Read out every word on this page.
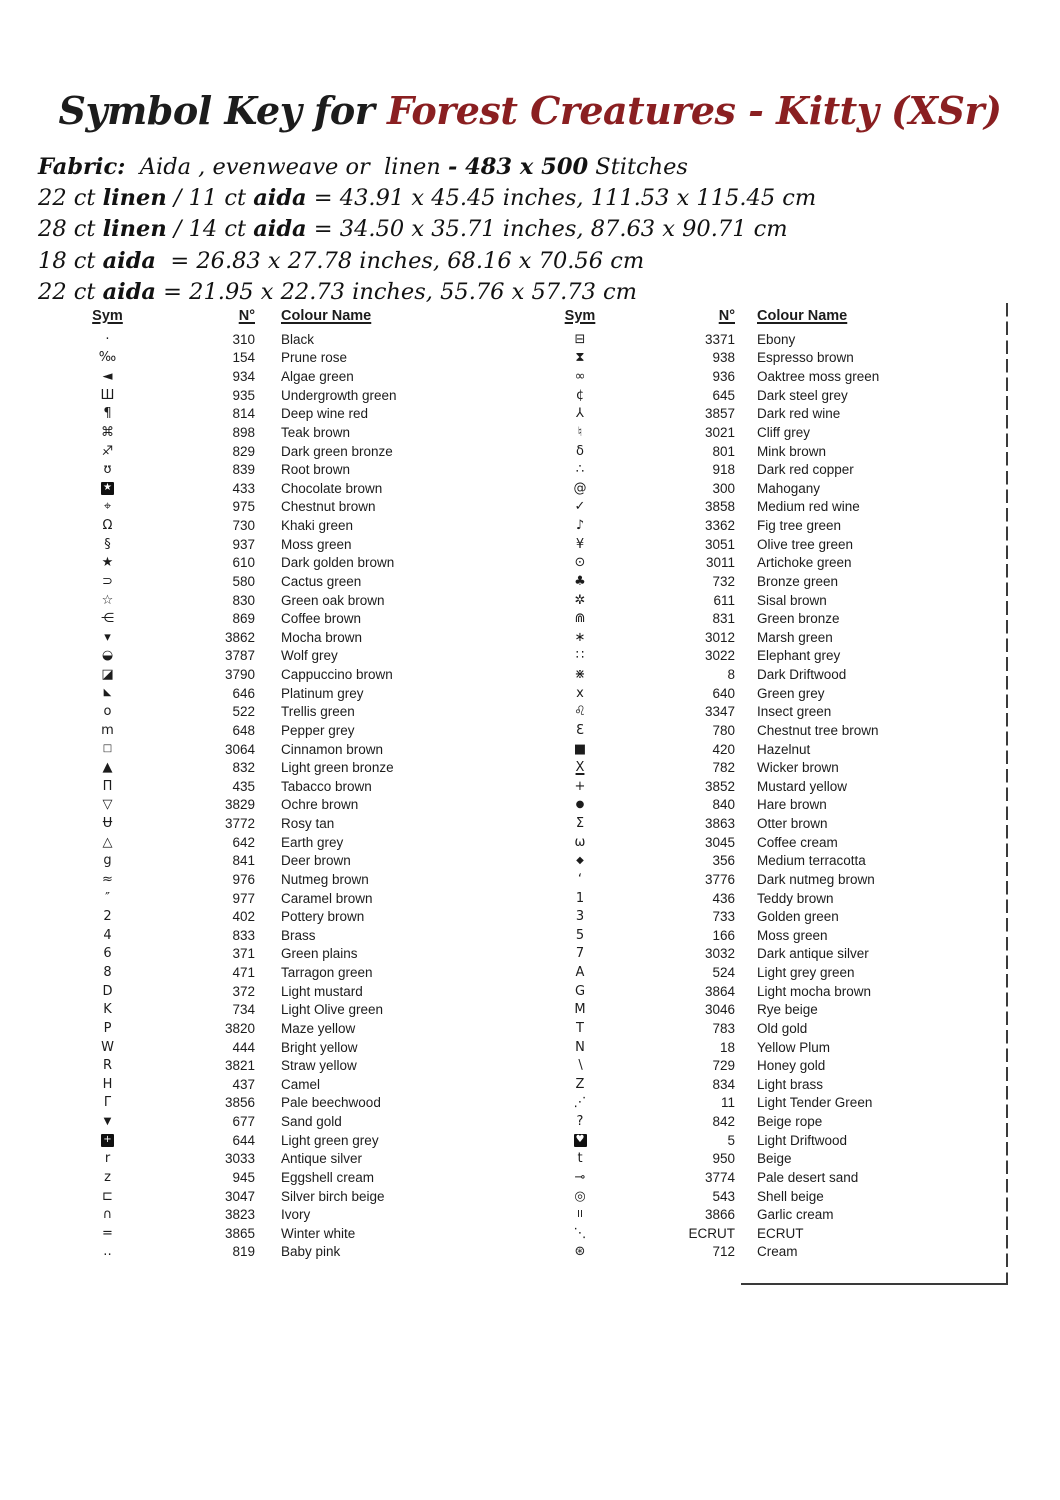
Symbol Key for Forest Creatures - Kitty (XSr)

Fabric:  Aida , evenweave or  linen - 483 x 500 Stitches

22 ct linen / 11 ct aida = 43.91 x 45.45 inches, 111.53 x 115.45 cm

28 ct linen / 14 ct aida = 34.50 x 35.71 inches, 87.63 x 90.71 cm

18 ct aida  = 26.83 x 27.78 inches, 68.16 x 70.56 cm

22 ct aida = 21.95 x 22.73 inches, 55.76 x 57.73 cm

Sym	N° Colour Name
·	310 Black
‰	154 Prune rose
◄	934 Algae green
Ш	935 Undergrowth green
¶	814 Deep wine red
⌘	898 Teak brown
♐	829 Dark green bronze
ʊ	839 Root brown
★	433 Chocolate brown
⌖	975 Chestnut brown
Ω	730 Khaki green
§	937 Moss green
★	610 Dark golden brown
⊃	580 Cactus green
☆	830 Green oak brown
⋲	869 Coffee brown
▾	3862 Mocha brown
◒	3787 Wolf grey
◪	3790 Cappuccino brown
◣	646 Platinum grey
o	522 Trellis green
m	648 Pepper grey
□	3064 Cinnamon brown
▲	832 Light green bronze
Π	435 Tabacco brown
▽	3829 Ochre brown
Ʉ	3772 Rosy tan
△	642 Earth grey
g	841 Deer brown
≈	976 Nutmeg brown
″	977 Caramel brown
2	402 Pottery brown
4	833 Brass
6	371 Green plains
8	471 Tarragon green
D	372 Light mustard
K	734 Light Olive green
P	3820 Maze yellow
W	444 Bright yellow
R	3821 Straw yellow
H	437 Camel
Γ	3856 Pale beechwood
▼	677 Sand gold
+	644 Light green grey
r	3033 Antique silver
z	945 Eggshell cream
⊏	3047 Silver birch beige
∩	3823 Ivory
=	3865 Winter white
‥	819 Baby pink
Sym	N° Colour Name
⊟	3371 Ebony
⧗	938 Espresso brown
∞	936 Oaktree moss green
¢	645 Dark steel grey
⅄	3857 Dark red wine
♮	3021 Cliff grey
δ	801 Mink brown
∴	918 Dark red copper
@	300 Mahogany
✓	3858 Medium red wine
♪	3362 Fig tree green
¥	3051 Olive tree green
⊙	3011 Artichoke green
♣	732 Bronze green
✲	611 Sisal brown
⋒	831 Green bronze
∗	3012 Marsh green
∷	3022 Elephant grey
⋇	8 Dark Driftwood
x	640 Green grey
♌	3347 Insect green
Ɛ	780 Chestnut tree brown
■	420 Hazelnut
X	782 Wicker brown
+	3852 Mustard yellow
●	840 Hare brown
Σ	3863 Otter brown
ω	3045 Coffee cream
◆	356 Medium terracotta
ʻ	3776 Dark nutmeg brown
1	436 Teddy brown
3	733 Golden green
5	166 Moss green
7	3032 Dark antique silver
A	524 Light grey green
G	3864 Light mocha brown
M	3046 Rye beige
T	783 Old gold
N	18 Yellow Plum
∖	729 Honey gold
Z	834 Light brass
⋰	11 Light Tender Green
?	842 Beige rope
♥	5 Light Driftwood
t	950 Beige
⊸	3774 Pale desert sand
◎	543 Shell beige
II	3866 Garlic cream
⋱	ECRUT ECRUT
⊛	712 Cream
